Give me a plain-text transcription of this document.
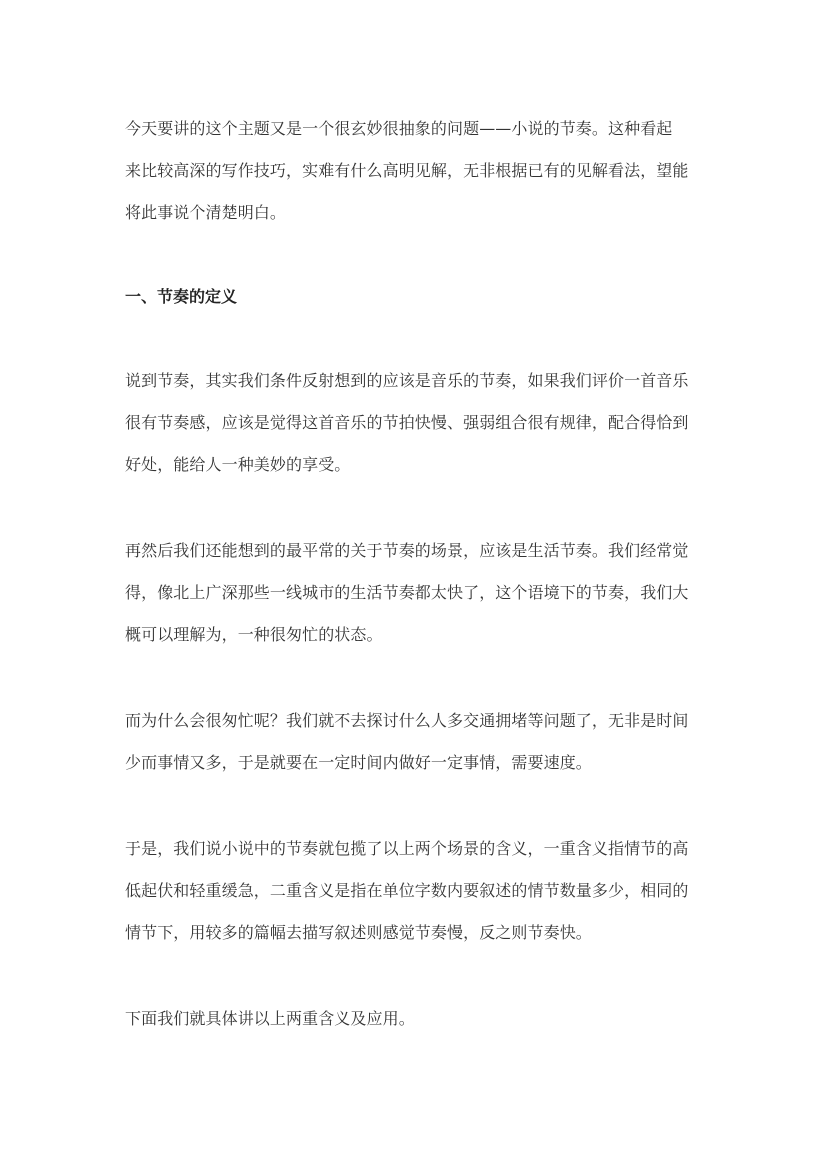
今天要讲的这个主题又是一个很玄妙很抽象的问题——小说的节奏。这种看起
来比较高深的写作技巧，实难有什么高明见解，无非根据已有的见解看法，望能
将此事说个清楚明白。
一、节奏的定义
说到节奏，其实我们条件反射想到的应该是音乐的节奏，如果我们评价一首音乐
很有节奏感，应该是觉得这首音乐的节拍快慢、强弱组合很有规律，配合得恰到
好处，能给人一种美妙的享受。
再然后我们还能想到的最平常的关于节奏的场景，应该是生活节奏。我们经常觉
得，像北上广深那些一线城市的生活节奏都太快了，这个语境下的节奏，我们大
概可以理解为，一种很匆忙的状态。
而为什么会很匆忙呢？我们就不去探讨什么人多交通拥堵等问题了，无非是时间
少而事情又多，于是就要在一定时间内做好一定事情，需要速度。
于是，我们说小说中的节奏就包揽了以上两个场景的含义，一重含义指情节的高
低起伏和轻重缓急，二重含义是指在单位字数内要叙述的情节数量多少，相同的
情节下，用较多的篇幅去描写叙述则感觉节奏慢，反之则节奏快。
下面我们就具体讲以上两重含义及应用。
